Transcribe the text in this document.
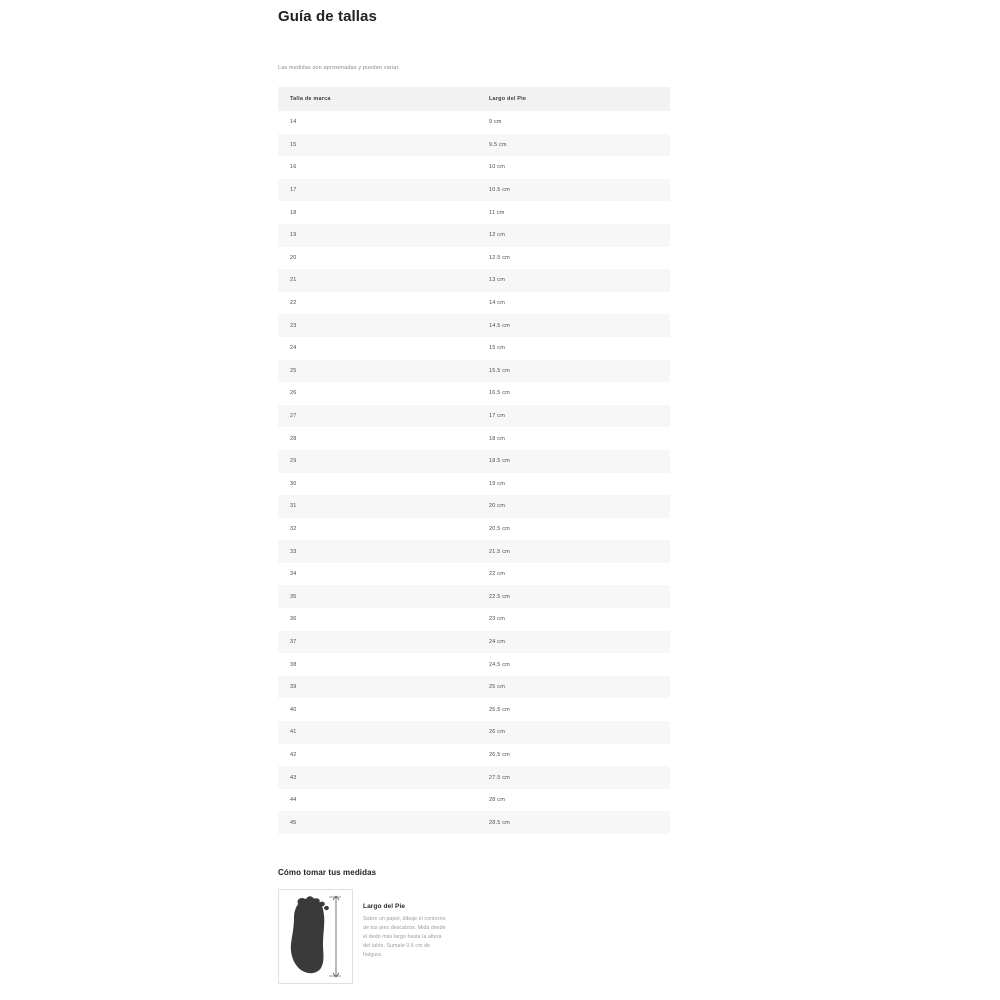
Guía de tallas
Las medidas son aproximadas y pueden variar.
Talla de marca	Largo del Pie
14	9 cm
15	9.5 cm
16	10 cm
17	10.5 cm
18	11 cm
19	12 cm
20	12.5 cm
21	13 cm
22	14 cm
23	14.5 cm
24	15 cm
25	15.5 cm
26	16.5 cm
27	17 cm
28	18 cm
29	18.5 cm
30	19 cm
31	20 cm
32	20.5 cm
33	21.5 cm
34	22 cm
35	22.5 cm
36	23 cm
37	24 cm
38	24.5 cm
39	25 cm
40	25.5 cm
41	26 cm
42	26.5 cm
43	27.5 cm
44	28 cm
45	28.5 cm
Cómo tomar tus medidas
Largo del Pie
Sobre un papel, dibuje el contorno de tus pies descalzos. Mida desde el dedo más largo hasta la altura del talón. Sumale 0.5 cm de holgura.
